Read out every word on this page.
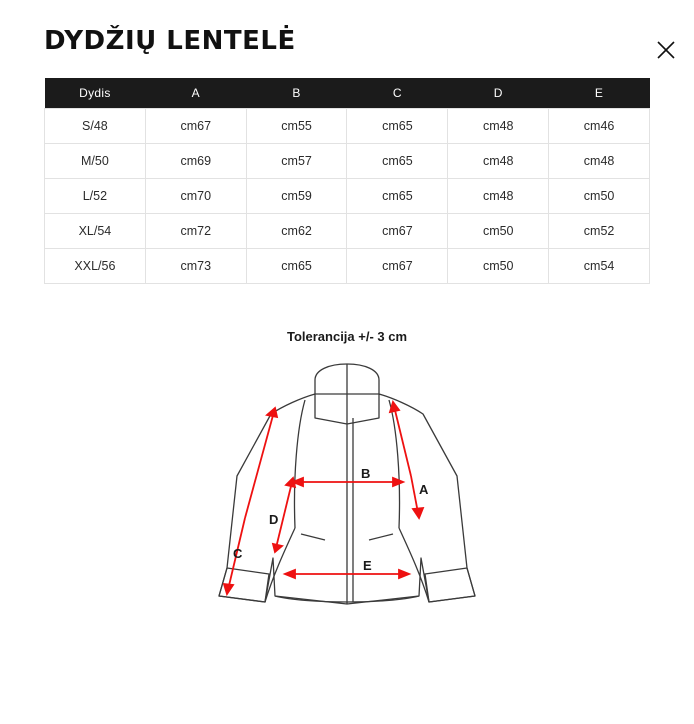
DYDŽIŲ LENTELĖ
Dydis	A	B	C	D	E
S/48	cm67	cm55	cm65	cm48	cm46
M/50	cm69	cm57	cm65	cm48	cm48
L/52	cm70	cm59	cm65	cm48	cm50
XL/54	cm72	cm62	cm67	cm50	cm52
XXL/56	cm73	cm65	cm67	cm50	cm54
Tolerancija +/- 3 cm
A
B
C
D
E
